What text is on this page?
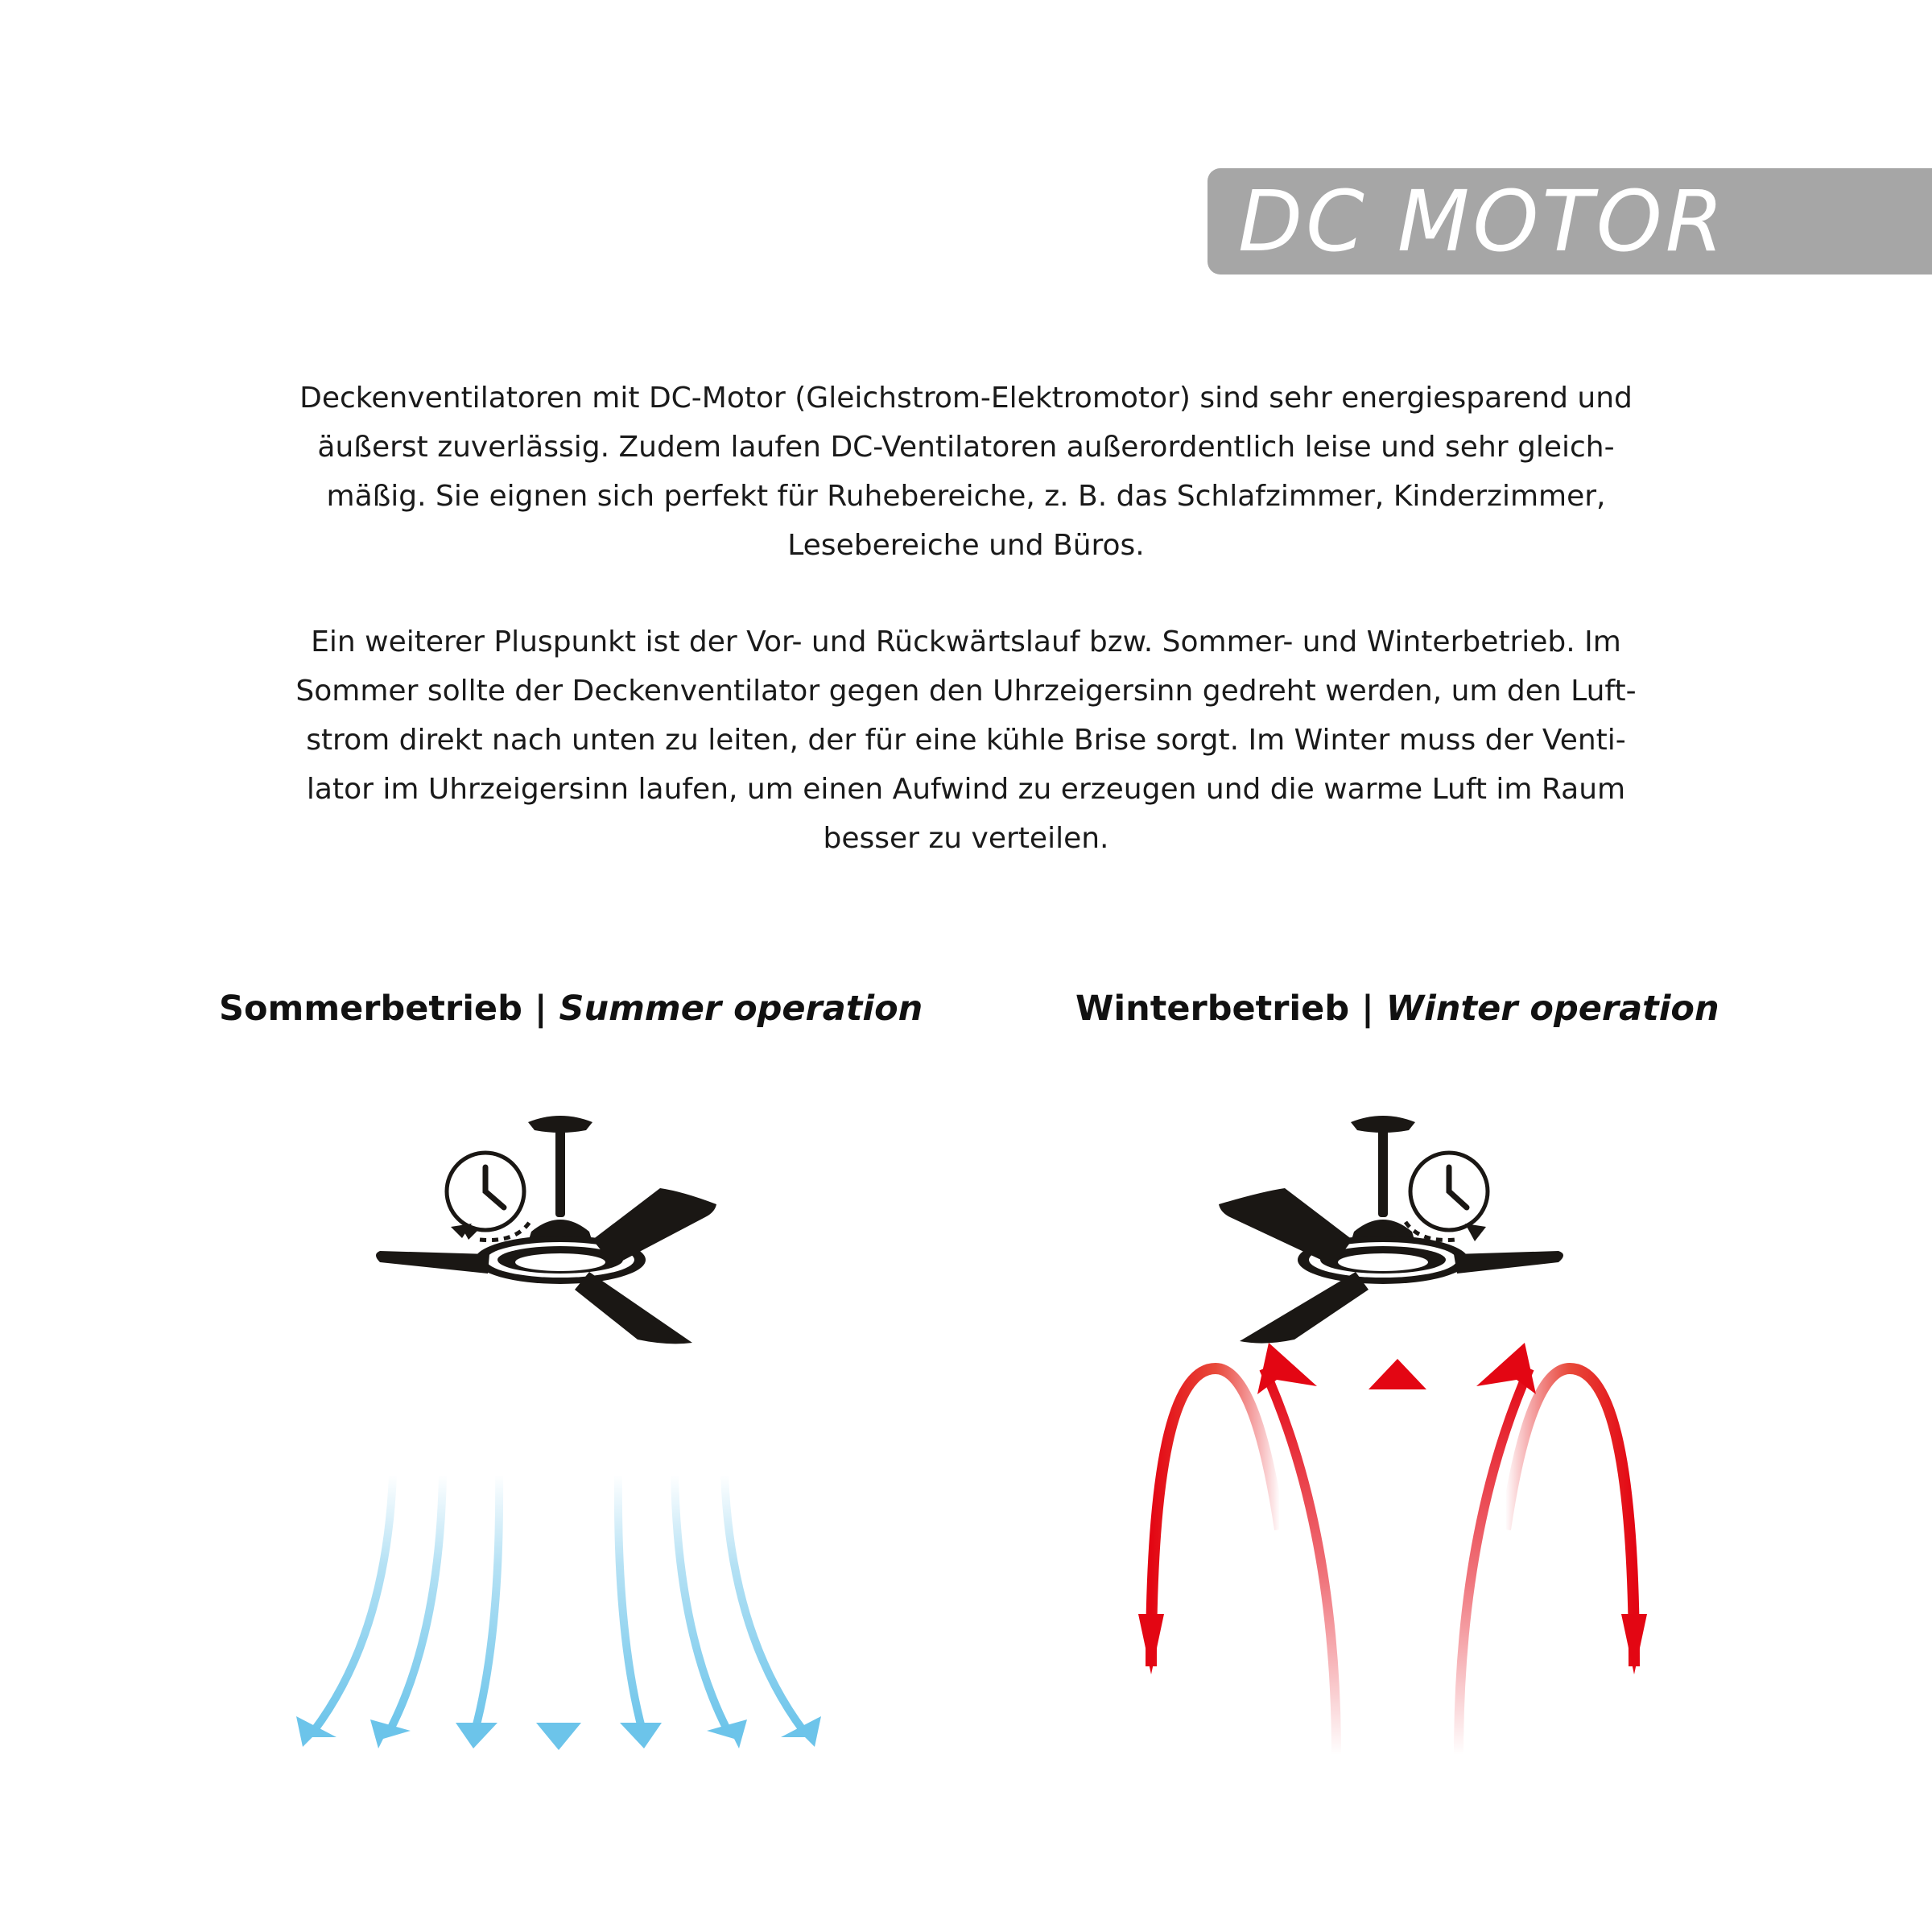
DC MOTOR

Deckenventilatoren mit DC-Motor (Gleichstrom-Elektromotor) sind sehr energiesparend und

äußerst zuverlässig. Zudem laufen DC-Ventilatoren außerordentlich leise und sehr gleich-

mäßig. Sie eignen sich perfekt für Ruhebereiche, z. B. das Schlafzimmer, Kinderzimmer,

Lesebereiche und Büros.

Ein weiterer Pluspunkt ist der Vor- und Rückwärtslauf bzw. Sommer- und Winterbetrieb. Im

Sommer sollte der Deckenventilator gegen den Uhrzeigersinn gedreht werden, um den Luft-

strom direkt nach unten zu leiten, der für eine kühle Brise sorgt. Im Winter muss der Venti-

lator im Uhrzeigersinn laufen, um einen Aufwind zu erzeugen und die warme Luft im Raum

besser zu verteilen.

Sommerbetrieb | Summer operation	Winterbetrieb | Winter operation
